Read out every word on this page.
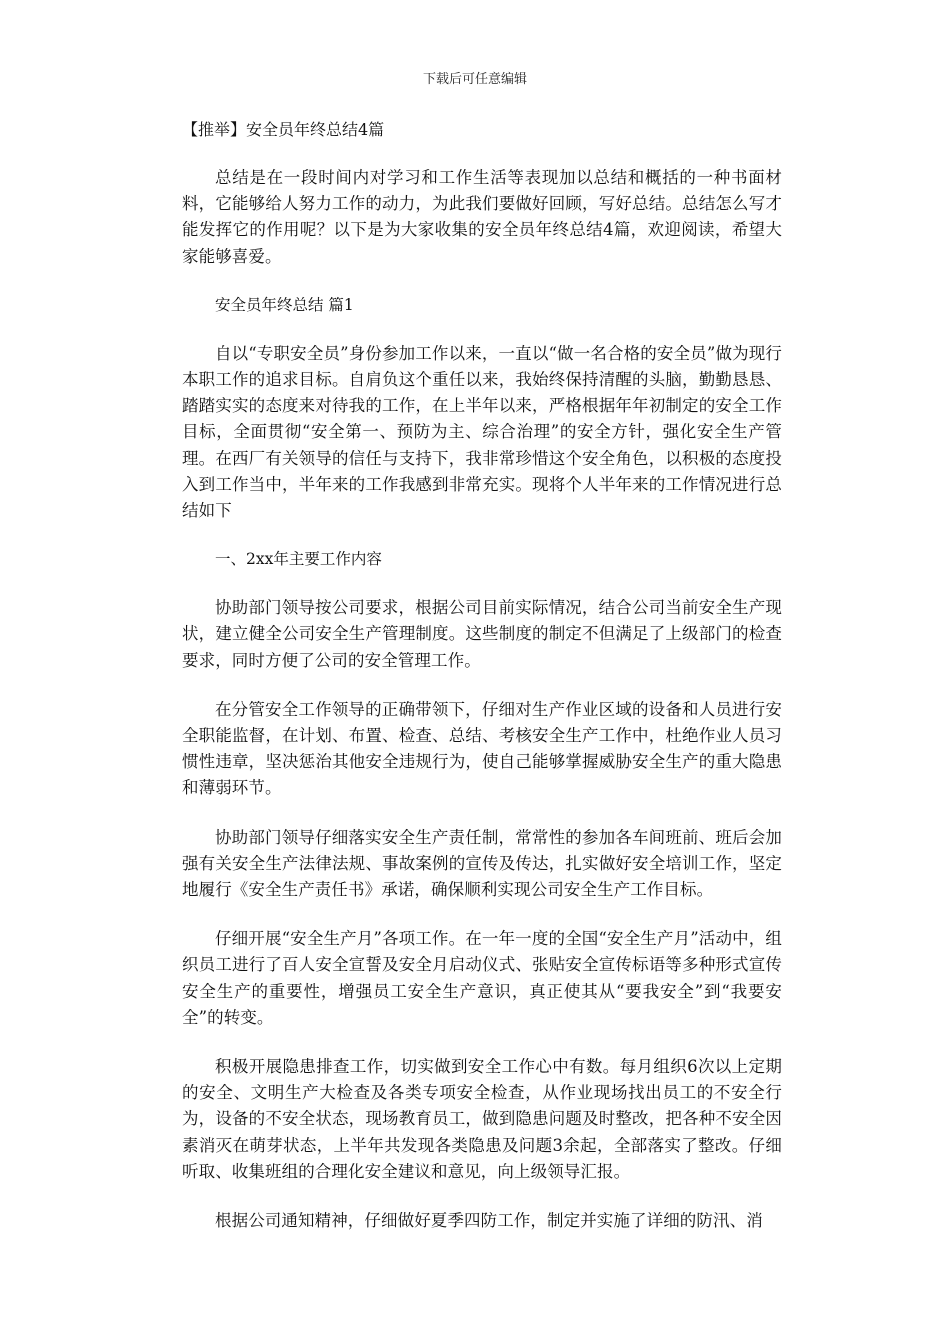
下载后可任意编辑
【推举】安全员年终总结4篇

总结是在一段时间内对学习和工作生活等表现加以总结和概括的一种书面材料，它能够给人努力工作的动力，为此我们要做好回顾，写好总结。总结怎么写才能发挥它的作用呢？以下是为大家收集的安全员年终总结4篇，欢迎阅读，希望大家能够喜爱。

安全员年终总结 篇1

自以“专职安全员”身份参加工作以来，一直以“做一名合格的安全员”做为现行本职工作的追求目标。自肩负这个重任以来，我始终保持清醒的头脑，勤勤恳恳、踏踏实实的态度来对待我的工作，在上半年以来，严格根据年年初制定的安全工作目标，全面贯彻“安全第一、预防为主、综合治理”的安全方针，强化安全生产管理。在西厂有关领导的信任与支持下，我非常珍惜这个安全角色，以积极的态度投入到工作当中，半年来的工作我感到非常充实。现将个人半年来的工作情况进行总结如下

一、2xx年主要工作内容

协助部门领导按公司要求，根据公司目前实际情况，结合公司当前安全生产现状，建立健全公司安全生产管理制度。这些制度的制定不但满足了上级部门的检查要求，同时方便了公司的安全管理工作。

在分管安全工作领导的正确带领下，仔细对生产作业区域的设备和人员进行安全职能监督，在计划、布置、检查、总结、考核安全生产工作中，杜绝作业人员习惯性违章，坚决惩治其他安全违规行为，使自己能够掌握威胁安全生产的重大隐患和薄弱环节。

协助部门领导仔细落实安全生产责任制，常常性的参加各车间班前、班后会加强有关安全生产法律法规、事故案例的宣传及传达，扎实做好安全培训工作，坚定地履行《安全生产责任书》承诺，确保顺利实现公司安全生产工作目标。

仔细开展“安全生产月”各项工作。在一年一度的全国“安全生产月”活动中，组织员工进行了百人安全宣誓及安全月启动仪式、张贴安全宣传标语等多种形式宣传安全生产的重要性，增强员工安全生产意识，真正使其从“要我安全”到“我要安全”的转变。

积极开展隐患排查工作，切实做到安全工作心中有数。每月组织6次以上定期的安全、文明生产大检查及各类专项安全检查，从作业现场找出员工的不安全行为，设备的不安全状态，现场教育员工，做到隐患问题及时整改，把各种不安全因素消灭在萌芽状态，上半年共发现各类隐患及问题3余起，全部落实了整改。仔细听取、收集班组的合理化安全建议和意见，向上级领导汇报。

根据公司通知精神，仔细做好夏季四防工作，制定并实施了详细的防汛、消
